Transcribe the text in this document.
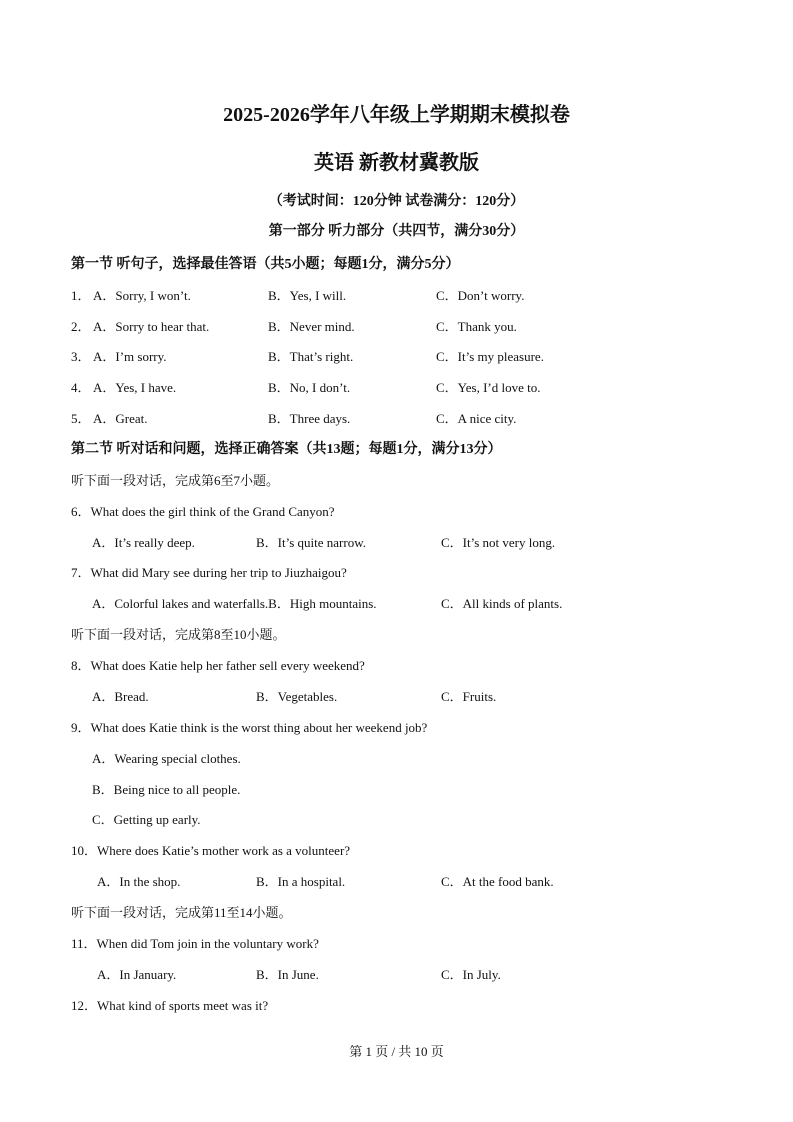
2025-2026学年八年级上学期期末模拟卷
英语 新教材冀教版
（考试时间：120分钟 试卷满分：120分）
第一部分 听力部分（共四节，满分30分）
第一节 听句子，选择最佳答语（共5小题；每题1分，满分5分）
1． A．Sorry, I won’t.	B．Yes, I will.	C．Don’t worry.
2． A．Sorry to hear that.	B．Never mind.	C．Thank you.
3． A．I’m sorry.	B．That’s right.	C．It’s my pleasure.
4． A．Yes, I have.	B．No, I don’t.	C．Yes, I’d love to.
5． A．Great.	B．Three days.	C．A nice city.
第二节 听对话和问题，选择正确答案（共13题；每题1分，满分13分）
听下面一段对话，完成第6至7小题。
6．What does the girl think of the Grand Canyon?
A．It’s really deep.	B．It’s quite narrow.	C．It’s not very long.
7．What did Mary see during her trip to Jiuzhaigou?
A．Colorful lakes and waterfalls.B．High mountains.	C．All kinds of plants.
听下面一段对话，完成第8至10小题。
8．What does Katie help her father sell every weekend?
A．Bread.	B．Vegetables.	C．Fruits.
9．What does Katie think is the worst thing about her weekend job?
A．Wearing special clothes.
B．Being nice to all people.
C．Getting up early.
10．Where does Katie’s mother work as a volunteer?
A．In the shop.	B．In a hospital.	C．At the food bank.
听下面一段对话，完成第11至14小题。
11．When did Tom join in the voluntary work?
A．In January.	B．In June.	C．In July.
12．What kind of sports meet was it?
第 1 页 / 共 10 页
